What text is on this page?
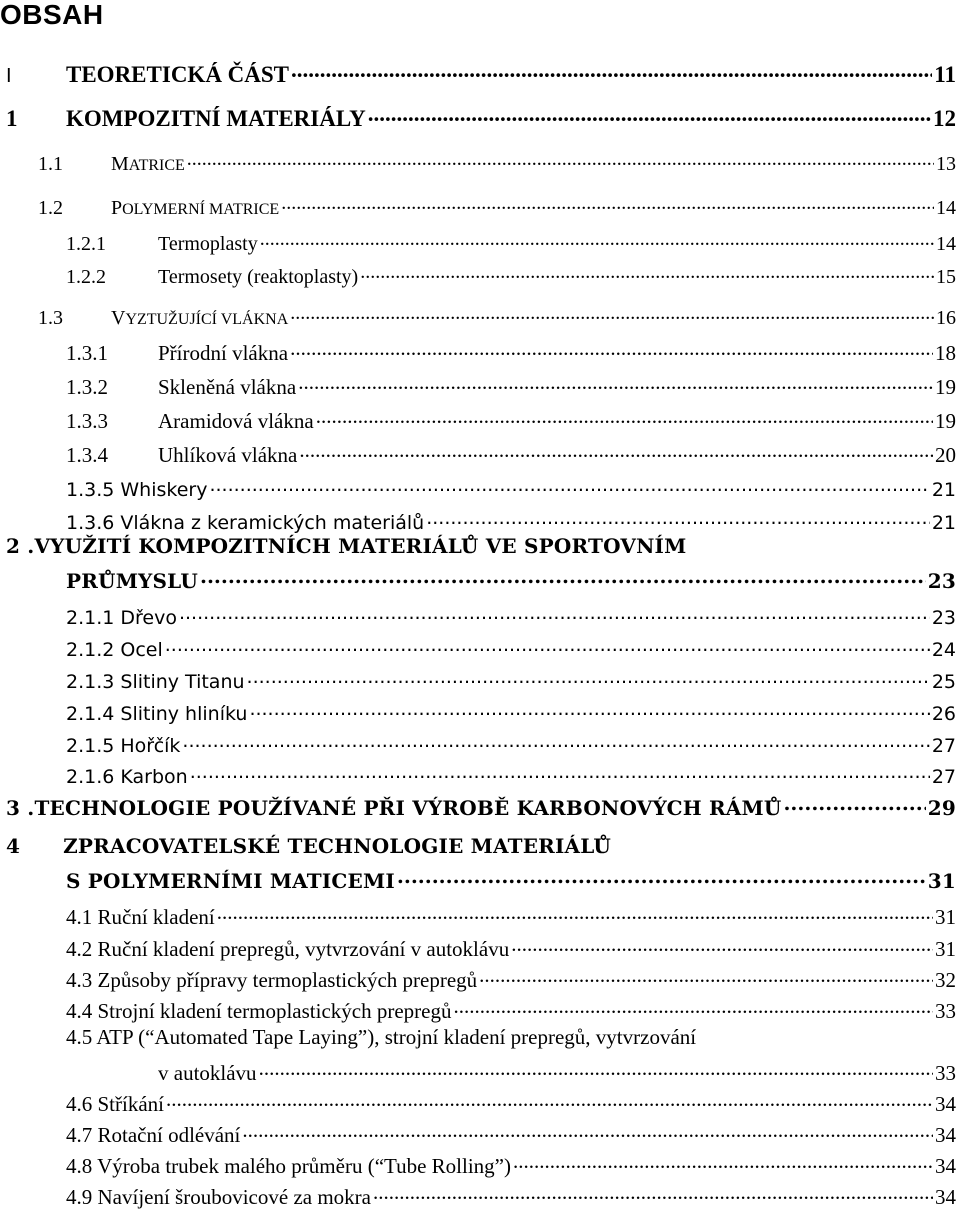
OBSAH
I TEORETICKÁ ČÁST .....	11
1 KOMPOZITNÍ MATERIÁLY .....	12
1.1 MATRICE .....	13
1.2 POLYMERNÍ MATRICE .....	14
1.2.1	Termoplasty .....	14
1.2.2	Termosety (reaktoplasty) .....	15
1.3 VYZTUŽUJÍCÍ VLÁKNA .....	16
1.3.1 Přírodní vlákna .....	18
1.3.2 Skleněná vlákna .....	19
1.3.3 Aramidová vlákna .....	19
1.3.4 Uhlíková vlákna .....	20
1.3.5 Whiskery .....	21
1.3.6 Vlákna z keramických materiálů .....	21
2 .VYUŽITÍ KOMPOZITNÍCH MATERIÁLŮ VE SPORTOVNÍM
PRŮMYSLU .....	23
2.1.1 Dřevo .....	23
2.1.2 Ocel .....	24
2.1.3 Slitiny Titanu .....	25
2.1.4 Slitiny hliníku .....	26
2.1.5 Hořčík .....	27
2.1.6 Karbon .....	27
3 .TECHNOLOGIE POUŽÍVANÉ PŘI VÝROBĚ KARBONOVÝCH RÁMŮ .....	29
4 ZPRACOVATELSKÉ TECHNOLOGIE MATERIÁLŮ
S POLYMERNÍMI MATICEMI .....	31
4.1 Ruční kladení .....	31
4.2 Ruční kladení prepregů, vytvrzování v autoklávu .....	31
4.3 Způsoby přípravy termoplastických prepregů .....	32
4.4 Strojní kladení termoplastických prepregů .....	33
4.5 ATP (“Automated Tape Laying”), strojní kladení prepregů, vytvrzování
v autoklávu .....	33
4.6 Stříkání .....	34
4.7 Rotační odlévání .....	34
4.8 Výroba trubek malého průměru (“Tube Rolling”) .....	34
4.9 Navíjení šroubovicové za mokra .....	34
